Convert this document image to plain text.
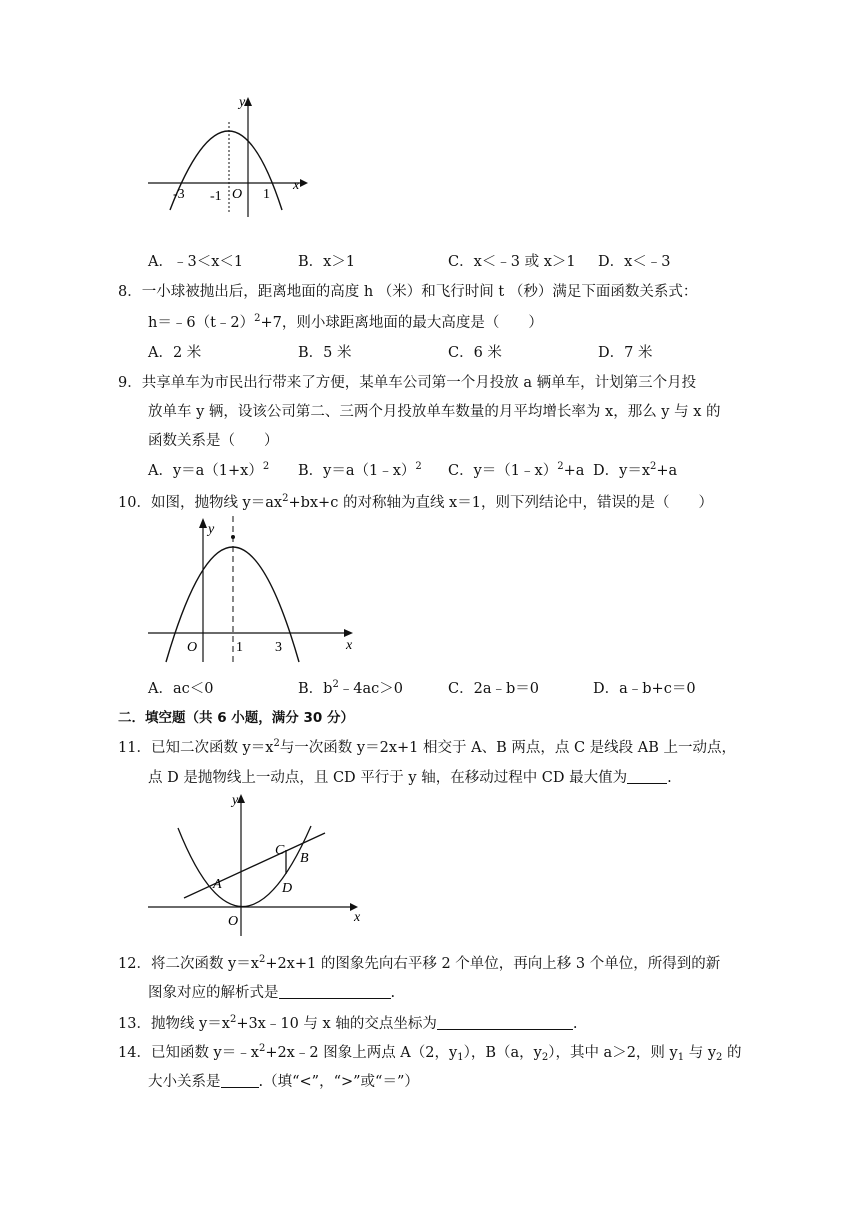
y
x
O
-3 -1	1
A．﹣3＜x＜1	B．x＞1	C．x＜﹣3 或 x＞1 D．x＜﹣3
8．一小球被抛出后，距离地面的高度 h （米）和飞行时间 t （秒）满足下面函数关系式：
h＝﹣6（t﹣2）$^2$+7，则小球距离地面的最大高度是（　　）
A．2 米	B．5 米	C．6 米	D．7 米
9．共享单车为市民出行带来了方便，某单车公司第一个月投放 a 辆单车，计划第三个月投
放单车 y 辆，设该公司第二、三两个月投放单车数量的月平均增长率为 x，那么 y 与 x 的
函数关系是（　　）
A．$y=a(1+x)^2$ B．y＝a（1﹣x）$^2$ C．y＝（1﹣x）$^2$+a D．$y=x^2+a$
10．如图，抛物线 $y=ax^2+bx+c$ 的对称轴为直线 x＝1，则下列结论中，错误的是（　　）
y
x
O	1 3
A．ac＜0	B．$b^2﹣4ac>0$	C．2a﹣b＝0	D．a﹣b+c＝0
二．填空题（共 6 小题，满分 30 分）
11．已知二次函数 $y=x^2$与一次函数 y＝2x+1 相交于 A、B 两点，点 C 是线段 AB 上一动点，
点 D 是抛物线上一动点，且 CD 平行于 y 轴，在移动过程中 CD 最大值为	.
y
x
O
A
B
C
D
12．将二次函数 $y=x^2+2x+1$ 的图象先向右平移 2 个单位，再向上移 3 个单位，所得到的新
图象对应的解析式是	.
13．抛物线 $y=x^2+3x﹣10$ 与 x 轴的交点坐标为	.
14．已知函数 $y=﹣x^2+2x﹣2$ 图象上两点 A（2，$y_1$），B（a，$y_2$），其中 a＞2，则 $y_1$ 与 $y_2$ 的
大小关系是	.（填“<”，“>”或“＝”）
